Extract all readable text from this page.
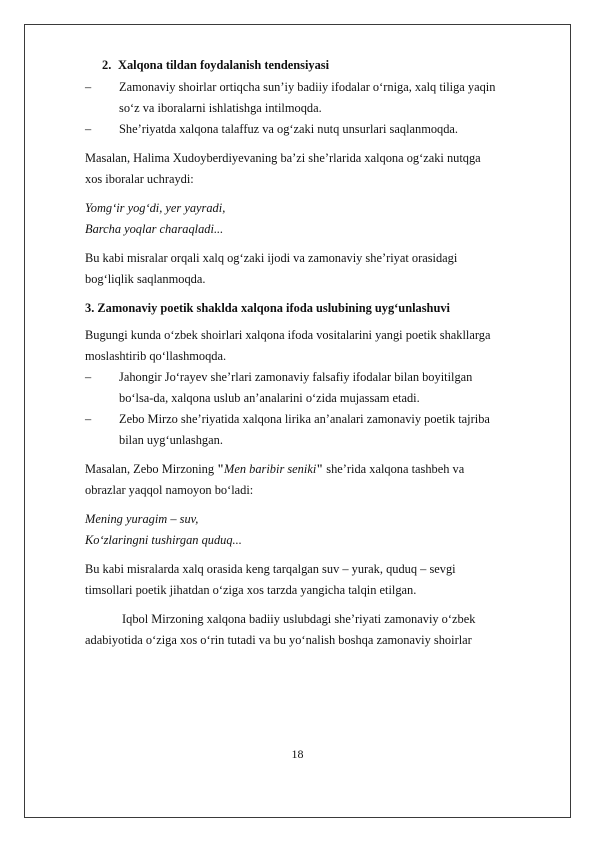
2. Xalqona tildan foydalanish tendensiyasi
–	Zamonaviy shoirlar ortiqcha sun’iy badiiy ifodalar o‘rniga, xalq tiliga yaqin
so‘z va iboralarni ishlatishga intilmoqda.
–	She’riyatda xalqona talaffuz va og‘zaki nutq unsurlari saqlanmoqda.
Masalan, Halima Xudoyberdiyevaning ba’zi she’rlarida xalqona og‘zaki nutqga
xos iboralar uchraydi:
Yomg‘ir yog‘di, yer yayradi,
Barcha yoqlar charaqladi...
Bu kabi misralar orqali xalq og‘zaki ijodi va zamonaviy she’riyat orasidagi
bog‘liqlik saqlanmoqda.
3. Zamonaviy poetik shaklda xalqona ifoda uslubining uyg‘unlashuvi
Bugungi kunda o‘zbek shoirlari xalqona ifoda vositalarini yangi poetik shakllarga
moslashtirib qo‘llashmoqda.
–	Jahongir Jo‘rayev she’rlari zamonaviy falsafiy ifodalar bilan boyitilgan
bo‘lsa-da, xalqona uslub an’analarini o‘zida mujassam etadi.
–	Zebo Mirzo she’riyatida xalqona lirika an’analari zamonaviy poetik tajriba
bilan uyg‘unlashgan.
Masalan, Zebo Mirzoning "Men baribir seniki" she’rida xalqona tashbeh va
obrazlar yaqqol namoyon bo‘ladi:
Mening yuragim – suv,
Ko‘zlaringni tushirgan quduq...
Bu kabi misralarda xalq orasida keng tarqalgan suv – yurak, quduq – sevgi
timsollari poetik jihatdan o‘ziga xos tarzda yangicha talqin etilgan.
Iqbol Mirzoning xalqona badiiy uslubdagi she’riyati zamonaviy o‘zbek
adabiyotida o‘ziga xos o‘rin tutadi va bu yo‘nalish boshqa zamonaviy shoirlar
18
